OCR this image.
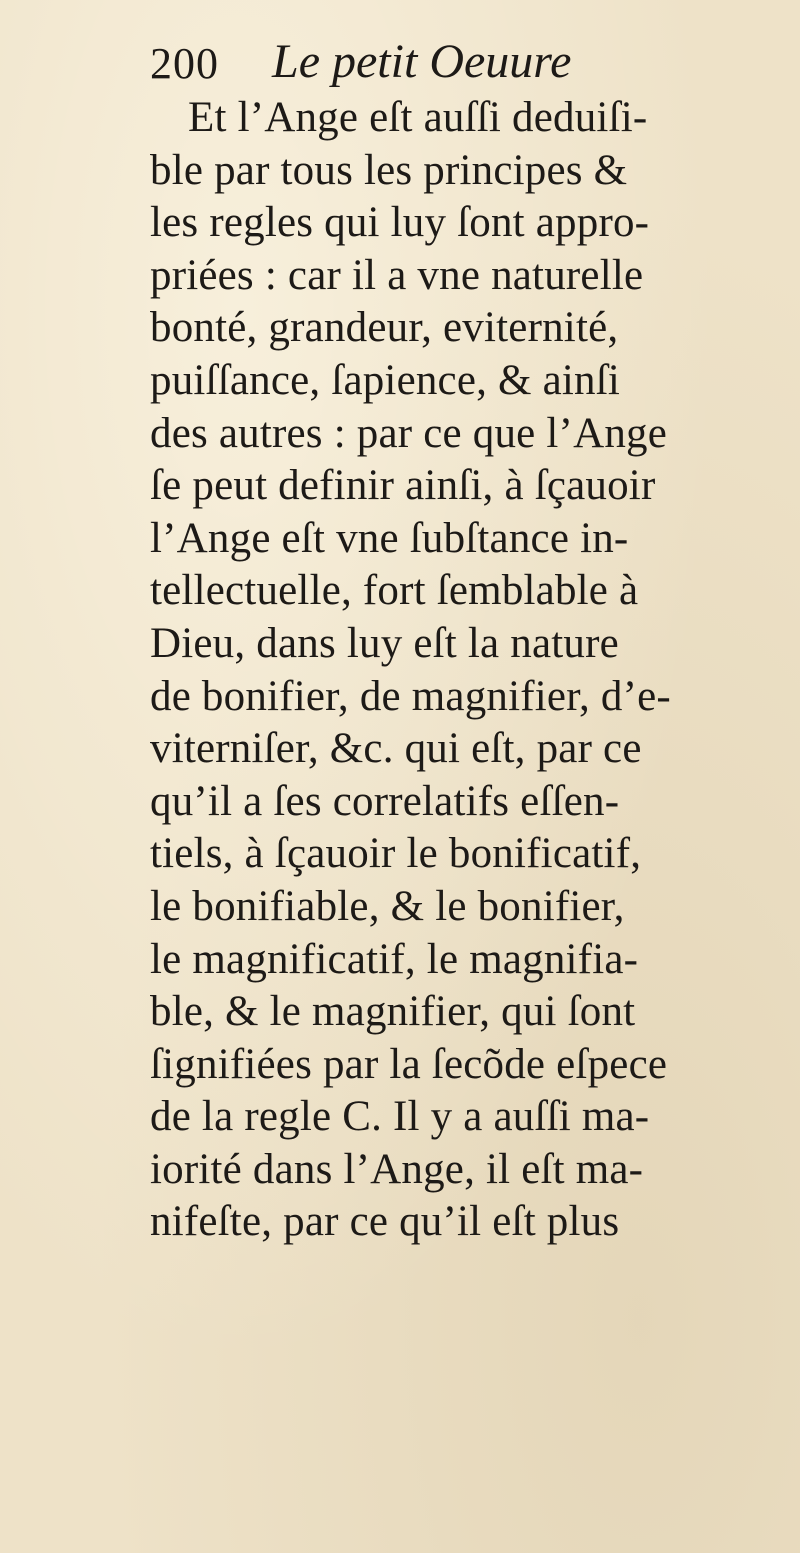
200 Le petit Oeuure
Et l’Ange eſt auſſi deduiſi-
ble par tous les principes &
les regles qui luy ſont appro-
priées : car il a vne naturelle
bonté, grandeur, eviternité,
puiſſance, ſapience, & ainſi
des autres : par ce que l’Ange
ſe peut definir ainſi, à ſçauoir
l’Ange eſt vne ſubſtance in-
tellectuelle, fort ſemblable à
Dieu, dans luy eſt la nature
de bonifier, de magnifier, d’e-
viterniſer, &c. qui eſt, par ce
qu’il a ſes correlatifs eſſen-
tiels, à ſçauoir le bonificatif,
le bonifiable, & le bonifier,
le magnificatif, le magnifia-
ble, & le magnifier, qui ſont
ſignifiées par la ſecõde eſpece
de la regle C. Il y a auſſi ma-
iorité dans l’Ange, il eſt ma-
nifeſte, par ce qu’il eſt plus
